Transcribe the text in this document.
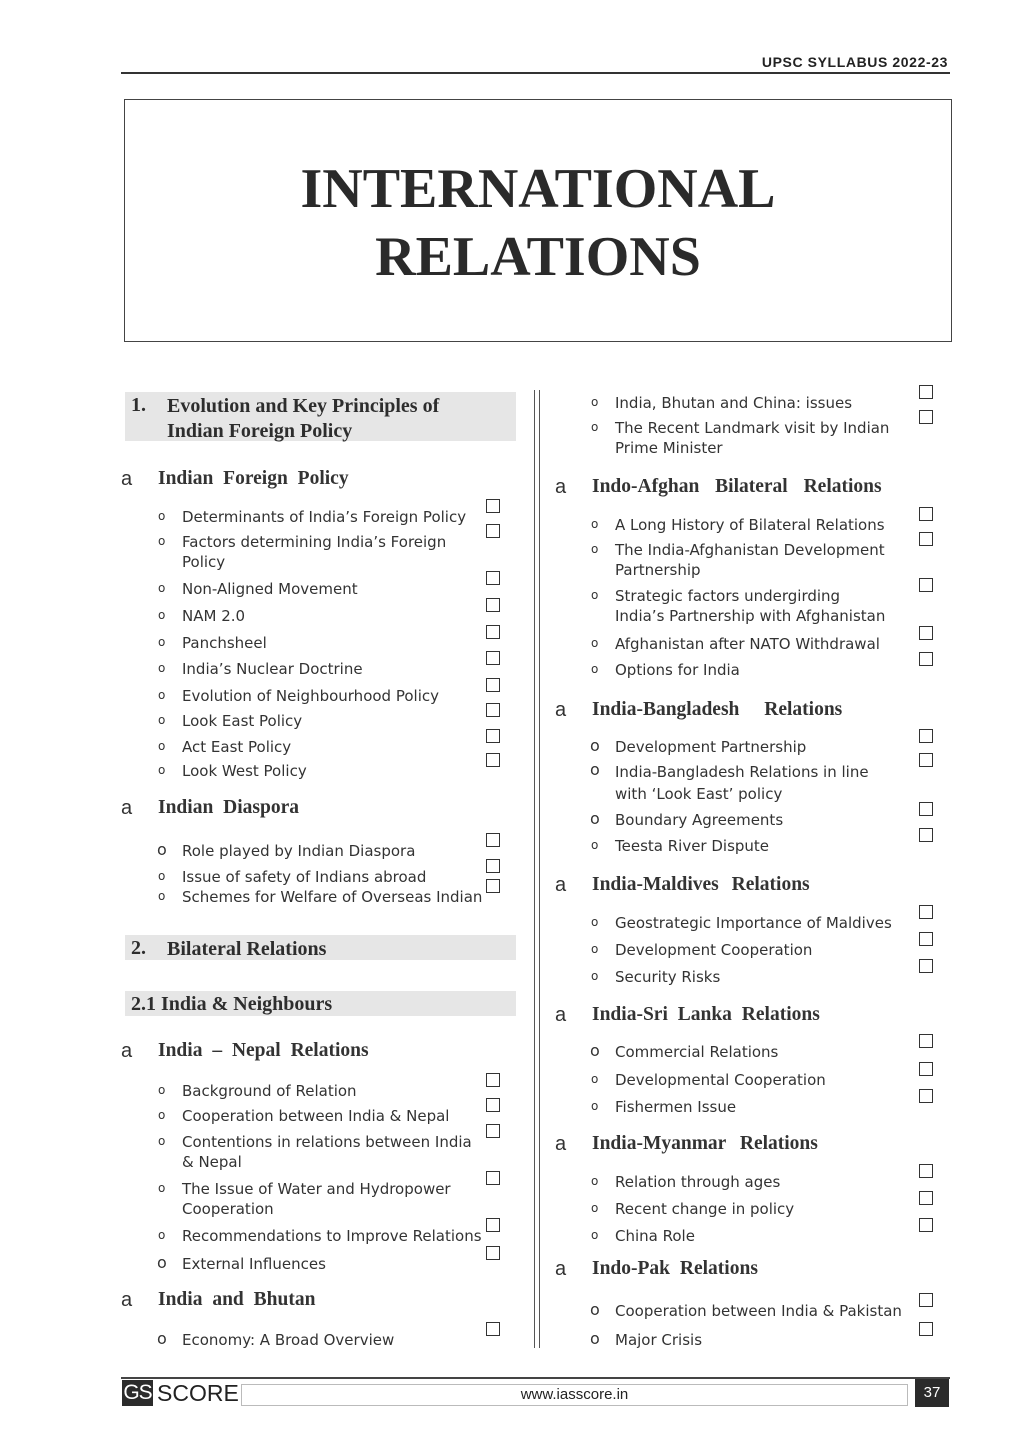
UPSC SYLLABUS 2022-23
INTERNATIONAL
RELATIONS
1. Evolution and Key Principles of
Indian Foreign Policy
a Indian Foreign Policy
o Determinants of India’s Foreign Policy
o Factors determining India’s Foreign Policy
o Non-Aligned Movement
o NAM 2.0
o Panchsheel
o India’s Nuclear Doctrine
o Evolution of Neighbourhood Policy
o Look East Policy
o Act East Policy
o Look West Policy
a Indian Diaspora
o Role played by Indian Diaspora
o Issue of safety of Indians abroad
o Schemes for Welfare of Overseas Indian
2. Bilateral Relations
2.1 India & Neighbours
a India – Nepal Relations
o Background of Relation
o Cooperation between India & Nepal
o Contentions in relations between India & Nepal
o The Issue of Water and Hydropower Cooperation
o Recommendations to Improve Relations
o External Influences
a India and Bhutan
o Economy: A Broad Overview
o India, Bhutan and China: issues
o The Recent Landmark visit by Indian Prime Minister
a Indo-Afghan Bilateral Relations
o A Long History of Bilateral Relations
o The India-Afghanistan Development Partnership
o Strategic factors undergirding India’s Partnership with Afghanistan
o Afghanistan after NATO Withdrawal
o Options for India
a India-Bangladesh Relations
o Development Partnership
o India-Bangladesh Relations in line with ‘Look East’ policy
o Boundary Agreements
o Teesta River Dispute
a India-Maldives Relations
o Geostrategic Importance of Maldives
o Development Cooperation
o Security Risks
a India-Sri Lanka Relations
o Commercial Relations
o Developmental Cooperation
o Fishermen Issue
a India-Myanmar Relations
o Relation through ages
o Recent change in policy
o China Role
a Indo-Pak Relations
o Cooperation between India & Pakistan
o Major Crisis
GS SCORE	www.iasscore.in	37
